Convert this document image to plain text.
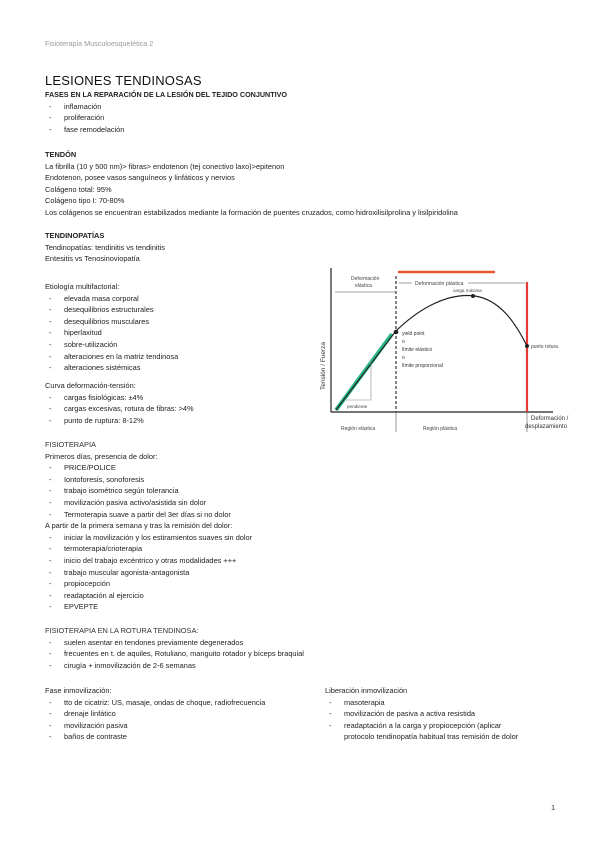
Fisioterapia Musculoesquelética 2
LESIONES TENDINOSAS
FASES EN LA REPARACIÓN DE LA LESIÓN DEL TEJIDO CONJUNTIVO
- inflamación
- proliferación
- fase remodelación
TENDÓN
La fibrilla (10 y 500 nm)> fibras> endotenon (tej conectivo laxo)>epitenon
Endotenon, posee vasos sanguíneos y linfáticos y nervios
Colágeno total: 95%
Colágeno tipo I: 70-80%
Los colágenos se encuentran estabilizados mediante la formación de puentes cruzados, como hidroxilisilprolina y lisilpiridolina
TENDINOPATÍAS
Tendinopatías: tendinitis vs tendinitis
Entesitis vs Tenosinoviopatía
Etiología multifactorial:
- elevada masa corporal
- desequilibrios estructurales
- desequilibrios musculares
- hiperlaxitud
- sobre-utilización
- alteraciones en la matriz tendinosa
- alteraciones sistémicas
Curva deformación-tensión:
- cargas fisiológicas: ±4%
- cargas excesivas, rotura de fibras: >4%
- punto de ruptura: 8-12%
FISIOTERAPIA
Primeros días, presencia de dolor:
- PRICE/POLICE
- Iontoforesis, sonoforesis
- trabajo isométrico según tolerancia
- movilización pasiva activo/asistida sin dolor
- Termoterapia suave a partir del 3er días si no dolor
A partir de la primera semana y tras la remisión del dolor:
- iniciar la movilización y los estiramientos suaves sin dolor
- termoterapia/crioterapia
- inicio del trabajo excéntrico y otras modalidades +++
- trabajo muscular agonista-antagonista
- propiocepción
- readaptación al ejercicio
- EPVEPTE
FISIOTERAPIA EN LA ROTURA TENDINOSA:
- suelen asentar en tendones previamente degenerados
- frecuentes en t. de aquiles, Rotuliano, manguito rotador y bíceps braquial
- cirugía + inmovilización de 2-6 semanas
Fase inmovilización:
- tto de cicatriz: US, masaje, ondas de choque, radiofrecuencia
- drenaje linfático
- movilización pasiva
- baños de contraste
Liberación inmovilización
- masoterapia
- movilización de pasiva a activa resistida
- readaptación a la carga y propiocepción (aplicar
protocolo tendinopatía habitual tras remisión de dolor
Tensión / Fuerza
Deformación plástica
Deformación
elástica
Región elástica	Región plástica
pendiente
yield point
o
límite elástico
o
límite proporcional
carga máxima
punto rotura
Deformación /
desplazamiento
1
